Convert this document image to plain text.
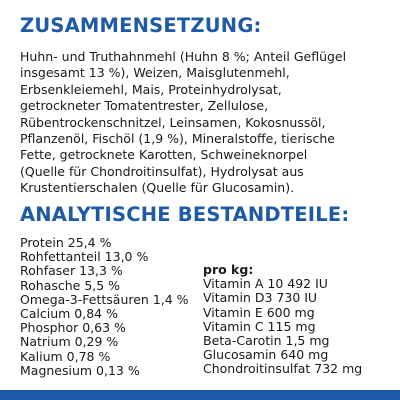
ZUSAMMENSETZUNG:
Huhn- und Truthahnmehl (Huhn 8 %; Anteil Geflügel
insgesamt 13 %), Weizen, Maisglutenmehl,
Erbsenkleiemehl, Mais, Proteinhydrolysat,
getrockneter Tomatentrester, Zellulose,
Rübentrockenschnitzel, Leinsamen, Kokosnussöl,
Pflanzenöl, Fischöl (1,9 %), Mineralstoffe, tierische
Fette, getrocknete Karotten, Schweineknorpel
(Quelle für Chondroitinsulfat), Hydrolysat aus
Krustentierschalen (Quelle für Glucosamin).
ANALYTISCHE BESTANDTEILE:
Protein 25,4 %
Rohfettanteil 13,0 %
Rohfaser 13,3 %
Rohasche 5,5 %
Omega-3-Fettsäuren 1,4 %
Calcium 0,84 %
Phosphor 0,63 %
Natrium 0,29 %
Kalium 0,78 %
Magnesium 0,13 %
pro kg:
Vitamin A 10 492 IU
Vitamin D3 730 IU
Vitamin E 600 mg
Vitamin C 115 mg
Beta-Carotin 1,5 mg
Glucosamin 640 mg
Chondroitinsulfat 732 mg
